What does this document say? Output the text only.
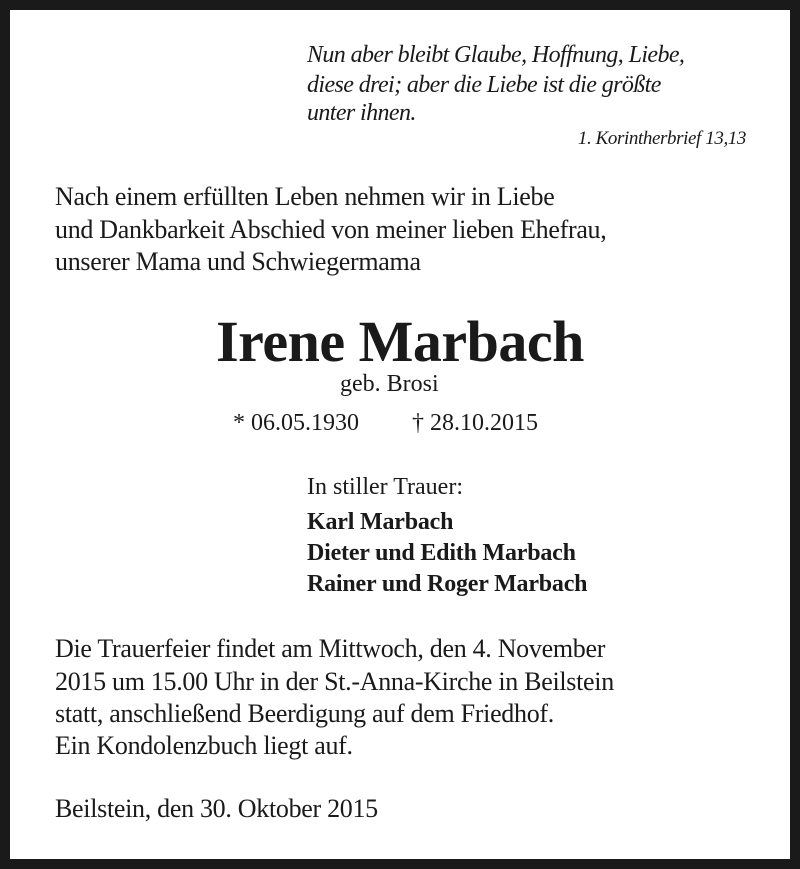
Nun aber bleibt Glaube, Hoffnung, Liebe,
diese drei; aber die Liebe ist die größte
unter ihnen.
1. Korintherbrief 13,13
Nach einem erfüllten Leben nehmen wir in Liebe
und Dankbarkeit Abschied von meiner lieben Ehefrau,
unserer Mama und Schwiegermama
Irene Marbach
geb. Brosi
* 06.05.1930 † 28.10.2015
In stiller Trauer:
Karl Marbach
Dieter und Edith Marbach
Rainer und Roger Marbach
Die Trauerfeier findet am Mittwoch, den 4. November
2015 um 15.00 Uhr in der St.-Anna-Kirche in Beilstein
statt, anschließend Beerdigung auf dem Friedhof.
Ein Kondolenzbuch liegt auf.
Beilstein, den 30. Oktober 2015
